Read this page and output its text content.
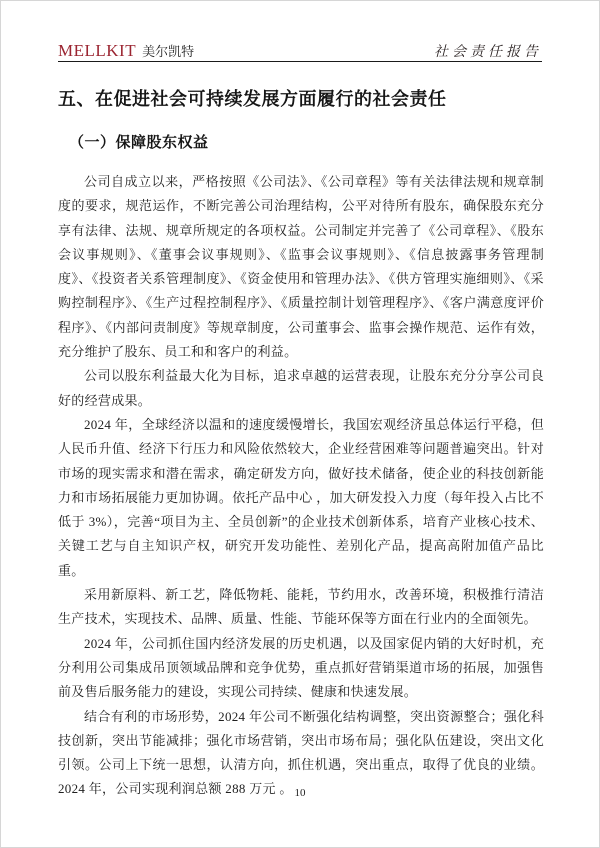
MELLKIT 美尔凯特	社会责任报告
五、在促进社会可持续发展方面履行的社会责任
（一）保障股东权益

公司自成立以来，严格按照《公司法》、《公司章程》等有关法律法规和规章制度的要求，规范运作，不断完善公司治理结构，公平对待所有股东，确保股东充分享有法律、法规、规章所规定的各项权益。公司制定并完善了《公司章程》、《股东会议事规则》、《董事会议事规则》、《监事会议事规则》、《信息披露事务管理制度》、《投资者关系管理制度》、《资金使用和管理办法》、《供方管理实施细则》、《采购控制程序》、《生产过程控制程序》、《质量控制计划管理程序》、《客户满意度评价程序》、《内部问责制度》等规章制度，公司董事会、监事会操作规范、运作有效，充分维护了股东、员工和和客户的利益。

公司以股东利益最大化为目标，追求卓越的运营表现，让股东充分分享公司良好的经营成果。

2024 年，全球经济以温和的速度缓慢增长，我国宏观经济虽总体运行平稳，但人民币升值、经济下行压力和风险依然较大，企业经营困难等问题普遍突出。针对市场的现实需求和潜在需求，确定研发方向，做好技术储备，使企业的科技创新能力和市场拓展能力更加协调。依托产品中心 ，加大研发投入力度（每年投入占比不低于 3%），完善“项目为主、全员创新”的企业技术创新体系，培育产业核心技术、关键工艺与自主知识产权，研究开发功能性、差别化产品，提高高附加值产品比重。

采用新原料、新工艺，降低物耗、能耗，节约用水，改善环境，积极推行清洁生产技术，实现技术、品牌、质量、性能、节能环保等方面在行业内的全面领先。

2024 年，公司抓住国内经济发展的历史机遇，以及国家促内销的大好时机，充分利用公司集成吊顶领域品牌和竞争优势，重点抓好营销渠道市场的拓展，加强售前及售后服务能力的建设，实现公司持续、健康和快速发展。

结合有利的市场形势，2024 年公司不断强化结构调整，突出资源整合；强化科技创新，突出节能减排；强化市场营销，突出市场布局；强化队伍建设，突出文化引领。公司上下统一思想，认清方向，抓住机遇，突出重点，取得了优良的业绩。2024 年，公司实现利润总额 288 万元 。 10
